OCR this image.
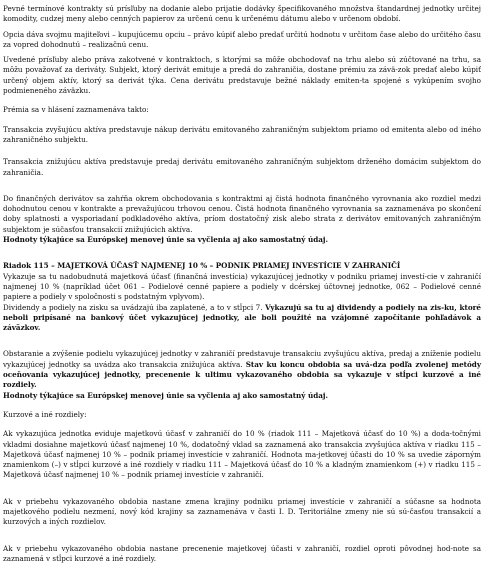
Pevné termínové kontrakty sú prísľuby na dodanie alebo prijatie dodávky špecifikovaného množstva štandardnej jednotky určitej komodity, cudzej meny alebo cenných papierov za určenú cenu k určenému dátumu alebo v určenom období.

Opcia dáva svojmu majiteľovi – kupujúcemu opciu – právo kúpiť alebo predať určitú hodnotu v určitom čase alebo do určitého času za vopred dohodnutú – realizačnú cenu.

Uvedené prísľuby alebo práva zakotvené v kontraktoch, s ktorými sa môže obchodovať na trhu alebo sú zúčtované na trhu, sa môžu považovať za deriváty. Subjekt, ktorý derivát emituje a predá do zahraničia, dostane prémiu za závä-zok predať alebo kúpiť určený objem aktív, ktorý sa derivát týka. Cena derivátu predstavuje bežné náklady emiten-ta spojené s vykúpením svojho podmieneného záväzku.

Prémia sa v hlásení zaznamenáva takto:

Transakcia zvyšujúcu aktíva predstavuje nákup derivátu emitovaného zahraničným subjektom priamo od emitenta alebo od iného zahraničného subjektu.

Transakcia znižujúcu aktíva predstavuje predaj derivátu emitovaného zahraničným subjektom drženého domácim subjektom do zahraničia.

Do finančných derivátov sa zahŕňa okrem obchodovania s kontraktmi aj čistá hodnota finančného vyrovnania ako rozdiel medzi dohodnutou cenou v kontrakte a prevažujúcou trhovou cenou. Čistá hodnota finančného vyrovnania sa zaznamenáva po skončení doby splatnosti a vysporiadaní podkladového aktíva, príom dostatočný zisk alebo strata z derivátov emitovaných zahraničným subjektom je súčasťou transakcií znižujúcich aktíva.

Hodnoty týkajúce sa Európskej menovej únie sa vyčlenia aj ako samostatný údaj.

Riadok 115 – MAJETKOVÁ ÚČASŤ NAJMENEJ 10 % – PODNIK PRIAMEJ INVESTÍCIE V ZAHRANIČÍ

Vykazuje sa tu nadobudnutá majetková účasť (finančná investícia) vykazujúcej jednotky v podniku priamej investí-cie v zahraničí najmenej 10 % (napríklad účet 061 – Podielové cenné papiere a podiely v dcérskej účtovnej jednotke, 062 – Podielové cenné papiere a podiely v spoločnosti s podstatným vplyvom).

Dividendy a podiely na zisku sa uvádzajú iba zaplatené, a to v stĺpci 7. Vykazujú sa tu aj dividendy a podiely na zis-ku, ktoré neboli pripísané na bankový účet vykazujúcej jednotky, ale boli použité na vzájomné započítanie pohľadávok a záväzkov.

Obstaranie a zvýšenie podielu vykazujúcej jednotky v zahraničí predstavuje transakciu zvyšujúcu aktíva, predaj a zníženie podielu vykazujúcej jednotky sa uvádza ako transakcia znižujúca aktíva. Stav ku koncu obdobia sa uvá-dza podľa zvolenej metódy oceňovania vykazujúcej jednotky, precenenie k ultimu vykazovaného obdobia sa vykazuje v stĺpci kurzové a iné rozdiely.

Hodnoty týkajúce sa Európskej menovej únie sa vyčlenia aj ako samostatný údaj.

Kurzové a iné rozdiely:

Ak vykazujúca jednotka eviduje majetkovú účasť v zahraničí do 10 % (riadok 111 – Majetková účasť do 10 %) a dodа-točnými vkladmi dosiahne majetkovú účasť najmenej 10 %, dodatočný vklad sa zaznamená ako transakcia zvyšujúca aktíva v riadku 115 – Majetková účasť najmenej 10 % – podnik priamej investície v zahraničí. Hodnota ma-jetkovej účasti do 10 % sa uvedie záporným znamienkom (–) v stĺpci kurzové a iné rozdiely v riadku 111 – Majetková účasť do 10 % a kladným znamienkom (+) v riadku 115 – Majetková účasť najmenej 10 % – podnik priamej investície v zahraničí.

Ak v priebehu vykazovaného obdobia nastane zmena krajiny podniku priamej investície v zahraničí a súčasne sa hodnota majetkového podielu nezmení, nový kód krajiny sa zaznamenáva v časti I. D. Teritoriálne zmeny nie sú sú-časťou transakcií a kurzových a iných rozdielov.

Ak v priebehu vykazovaného obdobia nastane precenenie majetkovej účasti v zahraničí, rozdiel oproti pôvodnej hod-note sa zaznamená v stĺpci kurzové a iné rozdiely.
